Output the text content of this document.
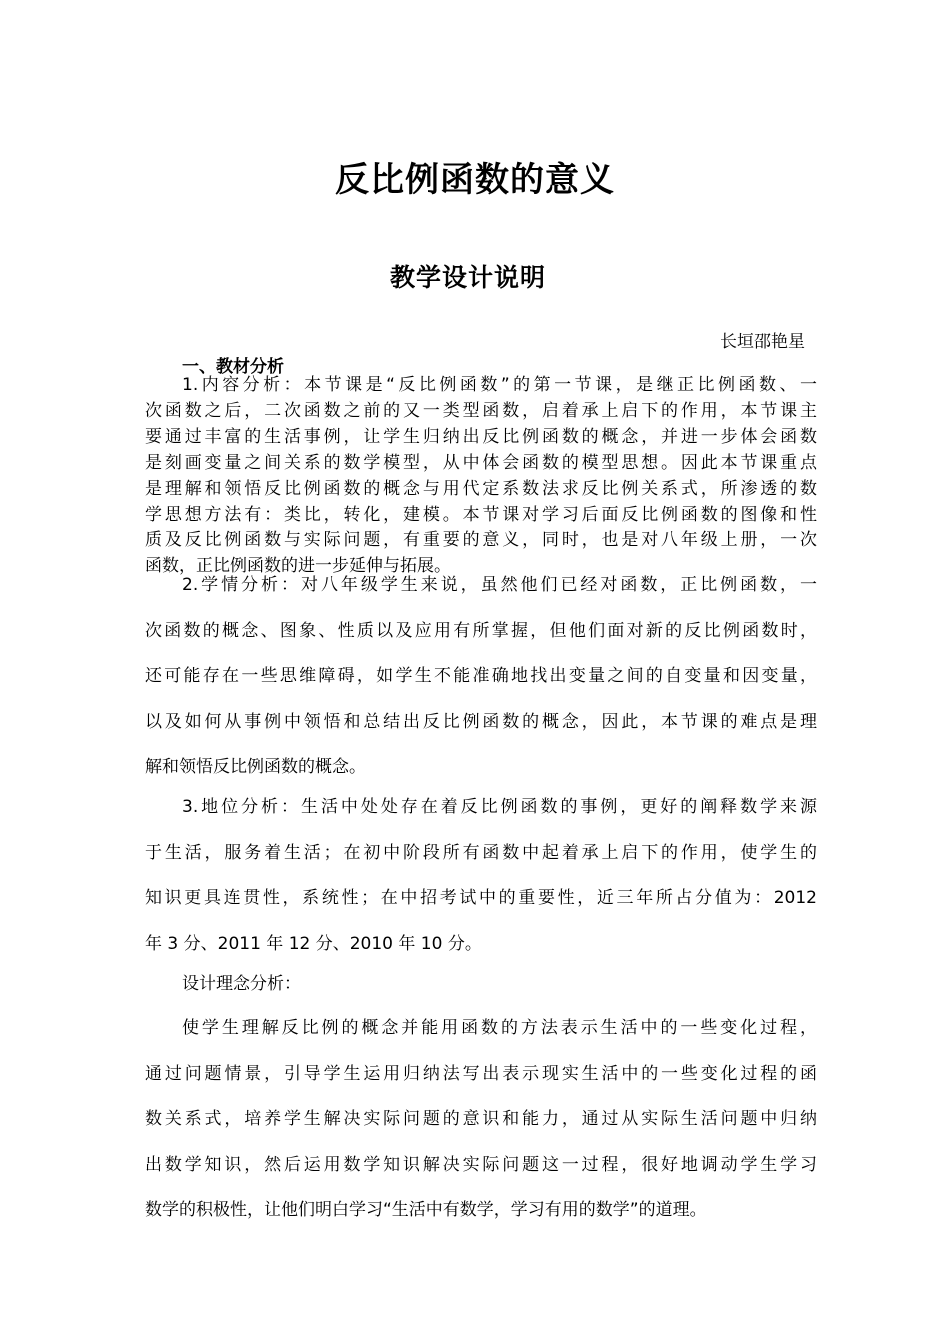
反比例函数的意义
教学设计说明
长垣邵艳星
一、教材分析
1.内容分析：本节课是“反比例函数”的第一节课，是继正比例函数、一
次函数之后，二次函数之前的又一类型函数，启着承上启下的作用，本节课主
要通过丰富的生活事例，让学生归纳出反比例函数的概念，并进一步体会函数
是刻画变量之间关系的数学模型，从中体会函数的模型思想。因此本节课重点
是理解和领悟反比例函数的概念与用代定系数法求反比例关系式，所渗透的数
学思想方法有：类比，转化，建模。本节课对学习后面反比例函数的图像和性
质及反比例函数与实际问题，有重要的意义，同时，也是对八年级上册，一次
函数，正比例函数的进一步延伸与拓展。
2.学情分析：对八年级学生来说，虽然他们已经对函数，正比例函数，一
次函数的概念、图象、性质以及应用有所掌握，但他们面对新的反比例函数时，
还可能存在一些思维障碍，如学生不能准确地找出变量之间的自变量和因变量，
以及如何从事例中领悟和总结出反比例函数的概念，因此，本节课的难点是理
解和领悟反比例函数的概念。
3.地位分析：生活中处处存在着反比例函数的事例，更好的阐释数学来源
于生活，服务着生活；在初中阶段所有函数中起着承上启下的作用，使学生的
知识更具连贯性，系统性；在中招考试中的重要性，近三年所占分值为：2012
年 3 分、2011 年 12 分、2010 年 10 分。
设计理念分析：
使学生理解反比例的概念并能用函数的方法表示生活中的一些变化过程，
通过问题情景，引导学生运用归纳法写出表示现实生活中的一些变化过程的函
数关系式，培养学生解决实际问题的意识和能力，通过从实际生活问题中归纳
出数学知识，然后运用数学知识解决实际问题这一过程，很好地调动学生学习
数学的积极性，让他们明白学习“生活中有数学，学习有用的数学”的道理。
